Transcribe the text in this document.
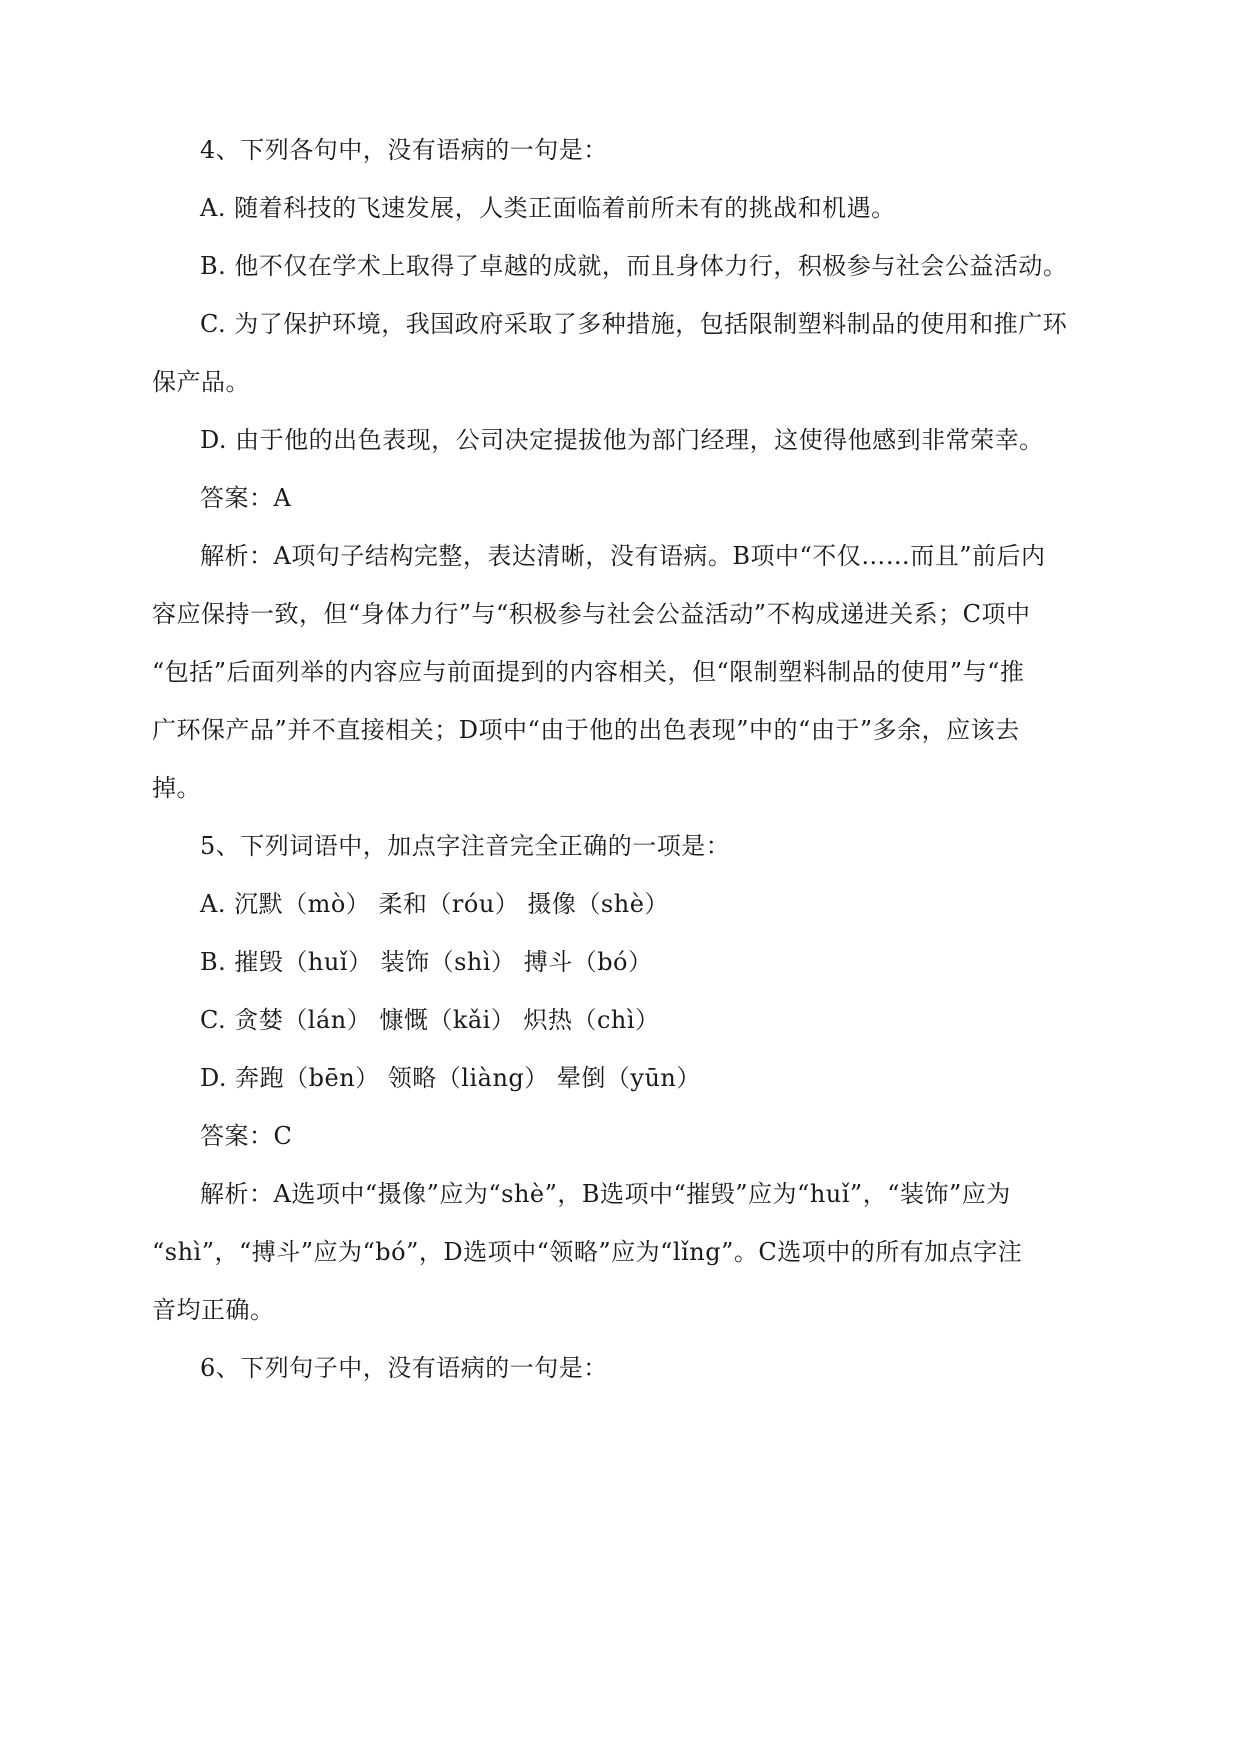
4、下列各句中，没有语病的一句是：
A. 随着科技的飞速发展，人类正面临着前所未有的挑战和机遇。
B. 他不仅在学术上取得了卓越的成就，而且身体力行，积极参与社会公益活动。
C. 为了保护环境，我国政府采取了多种措施，包括限制塑料制品的使用和推广环
保产品。
D. 由于他的出色表现，公司决定提拔他为部门经理，这使得他感到非常荣幸。
答案：A
解析：A项句子结构完整，表达清晰，没有语病。B项中“不仅……而且”前后内
容应保持一致，但“身体力行”与“积极参与社会公益活动”不构成递进关系；C项中
“包括”后面列举的内容应与前面提到的内容相关，但“限制塑料制品的使用”与“推
广环保产品”并不直接相关；D项中“由于他的出色表现”中的“由于”多余，应该去
掉。
5、下列词语中，加点字注音完全正确的一项是：
A. 沉默（mò） 柔和（róu） 摄像（shè）
B. 摧毁（huǐ） 装饰（shì） 搏斗（bó）
C. 贪婪（lán） 慷慨（kǎi） 炽热（chì）
D. 奔跑（bēn） 领略（liàng） 晕倒（yūn）
答案：C
解析：A选项中“摄像”应为“shè”，B选项中“摧毁”应为“huǐ”，“装饰”应为
“shì”，“搏斗”应为“bó”，D选项中“领略”应为“lǐng”。C选项中的所有加点字注
音均正确。
6、下列句子中，没有语病的一句是：
